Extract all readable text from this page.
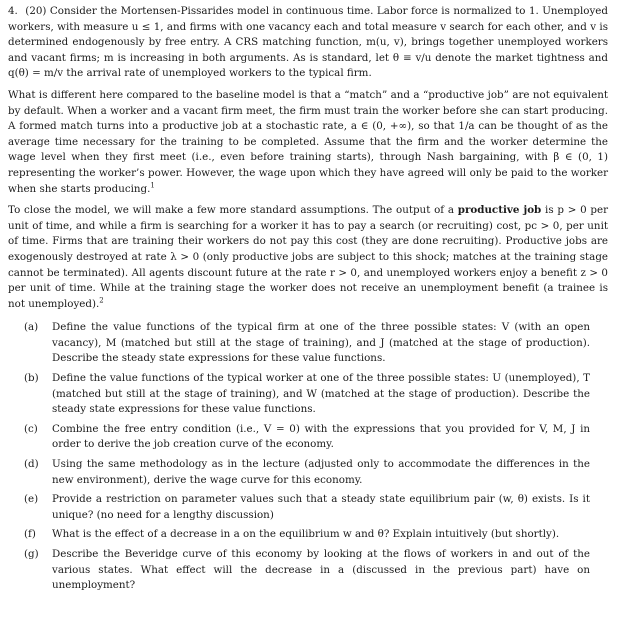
4. (20) Consider the Mortensen-Pissarides model in continuous time. Labor force is normalized to 1. Unemployed workers, with measure u ≤ 1, and firms with one vacancy each and total measure v search for each other, and v is determined endogenously by free entry. A CRS matching function, m(u, v), brings together unemployed workers and vacant firms; m is increasing in both arguments. As is standard, let θ ≡ v/u denote the market tightness and q(θ) = m/v the arrival rate of unemployed workers to the typical firm.

What is different here compared to the baseline model is that a “match” and a “productive job” are not equivalent by default. When a worker and a vacant firm meet, the firm must train the worker before she can start producing. A formed match turns into a productive job at a stochastic rate, a ∈ (0, +∞), so that 1/a can be thought of as the average time necessary for the training to be completed. Assume that the firm and the worker determine the wage level when they first meet (i.e., even before training starts), through Nash bargaining, with β ∈ (0, 1) representing the worker’s power. However, the wage upon which they have agreed will only be paid to the worker when she starts producing.$^1$

To close the model, we will make a few more standard assumptions. The output of a productive job is p > 0 per unit of time, and while a firm is searching for a worker it has to pay a search (or recruiting) cost, pc > 0, per unit of time. Firms that are training their workers do not pay this cost (they are done recruiting). Productive jobs are exogenously destroyed at rate λ > 0 (only productive jobs are subject to this shock; matches at the training stage cannot be terminated). All agents discount future at the rate r > 0, and unemployed workers enjoy a benefit z > 0 per unit of time. While at the training stage the worker does not receive an unemployment benefit (a trainee is not unemployed).$^2$

(a)	Define the value functions of the typical firm at one of the three possible states: V (with an open vacancy), M (matched but still at the stage of training), and J (matched at the stage of production). Describe the steady state expressions for these value functions.
(b)	Define the value functions of the typical worker at one of the three possible states: U (unemployed), T (matched but still at the stage of training), and W (matched at the stage of production). Describe the steady state expressions for these value functions.
(c)	Combine the free entry condition (i.e., V = 0) with the expressions that you provided for V, M, J in order to derive the job creation curve of the economy.
(d)	Using the same methodology as in the lecture (adjusted only to accommodate the differences in the new environment), derive the wage curve for this economy.
(e)	Provide a restriction on parameter values such that a steady state equilibrium pair (w, θ) exists. Is it unique? (no need for a lengthy discussion)
(f)	What is the effect of a decrease in a on the equilibrium w and θ? Explain intuitively (but shortly).
(g)	Describe the Beveridge curve of this economy by looking at the flows of workers in and out of the various states. What effect will the decrease in a (discussed in the previous part) have on unemployment?
